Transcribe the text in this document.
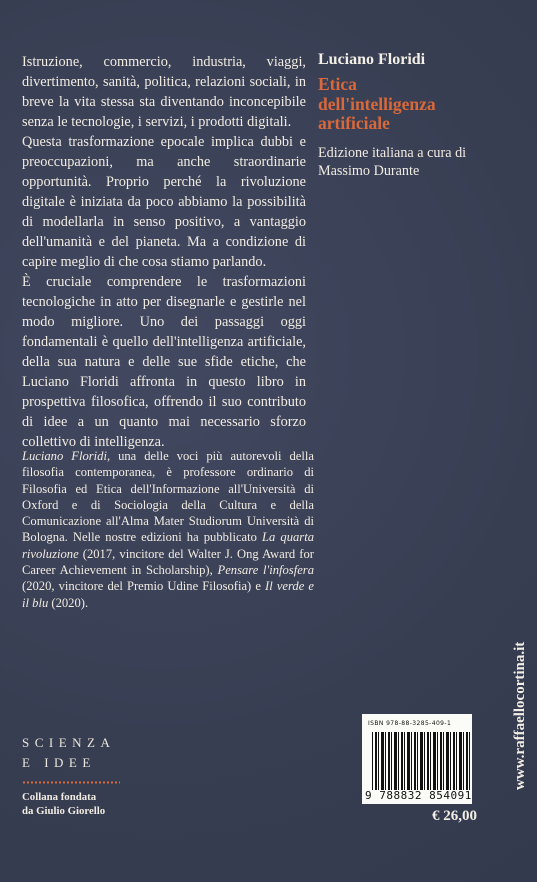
Istruzione, commercio, industria, viaggi, divertimento, sanità, politica, relazioni sociali, in breve la vita stessa sta diventando inconcepibile senza le tecnologie, i servizi, i prodotti digitali.

Questa trasformazione epocale implica dubbi e preoccupazioni, ma anche straordinarie opportunità. Proprio perché la rivoluzione digitale è iniziata da poco abbiamo la possibilità di modellarla in senso positivo, a vantaggio dell'umanità e del pianeta. Ma a condizione di capire meglio di che cosa stiamo parlando.

È cruciale comprendere le trasformazioni tecnologiche in atto per disegnarle e gestirle nel modo migliore. Uno dei passaggi oggi fondamentali è quello dell'intelligenza artificiale, della sua natura e delle sue sfide etiche, che Luciano Floridi affronta in questo libro in prospettiva filosofica, offrendo il suo contributo di idee a un quanto mai necessario sforzo collettivo di intelligenza.

Luciano Floridi, una delle voci più autorevoli della filosofia contemporanea, è professore ordinario di Filosofia ed Etica dell'Informazione all'Università di Oxford e di Sociologia della Cultura e della Comunicazione all'Alma Mater Studiorum Università di Bologna. Nelle nostre edizioni ha pubblicato La quarta rivoluzione (2017, vincitore del Walter J. Ong Award for Career Achievement in Scholarship), Pensare l'infosfera (2020, vincitore del Premio Udine Filosofia) e Il verde e il blu (2020).
Luciano Floridi
Etica
dell'intelligenza
artificiale
Edizione italiana a cura di
Massimo Durante
SCIENZA
E IDEE
Collana fondata
da Giulio Giorello
ISBN 978-88-3285-409-1
9 788832 854091
€ 26,00
www.raffaellocortina.it
